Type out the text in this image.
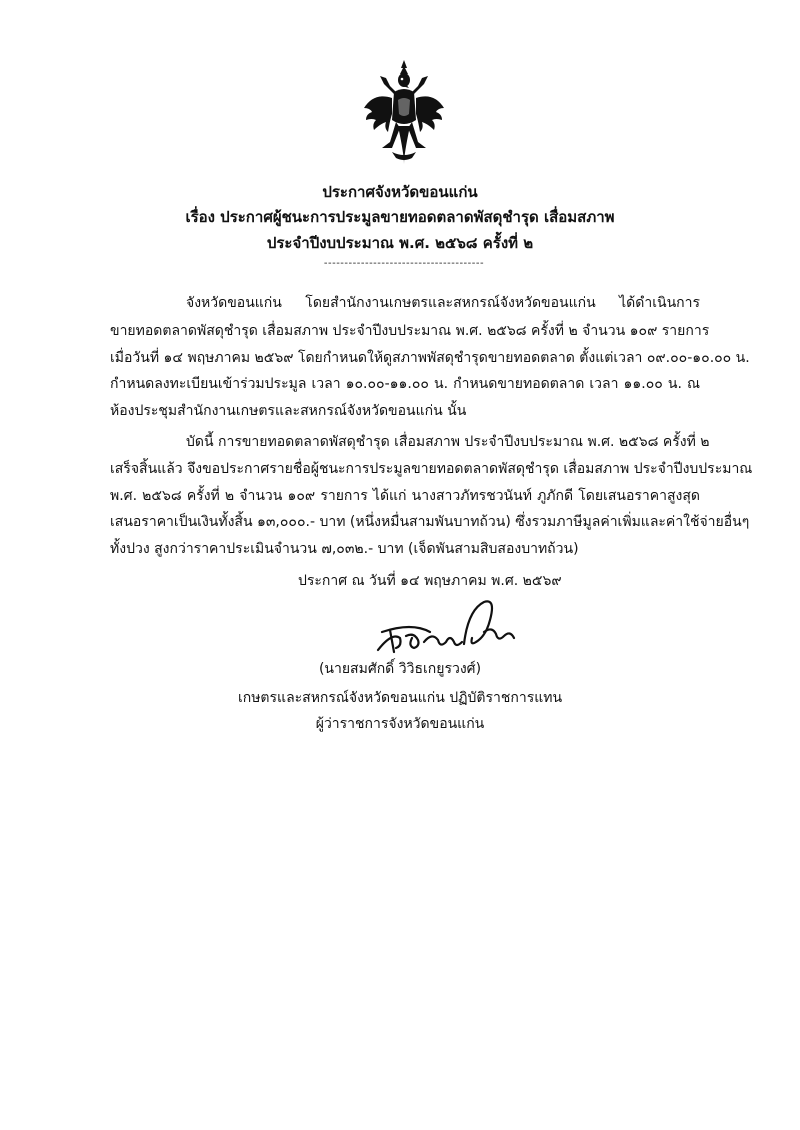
ประกาศจังหวัดขอนแก่น
เรื่อง ประกาศผู้ชนะการประมูลขายทอดตลาดพัสดุชำรุด เสื่อมสภาพ
ประจำปีงบประมาณ พ.ศ. ๒๕๖๘ ครั้งที่ ๒
---------------------------------------
จังหวัดขอนแก่น โดยสำนักงานเกษตรและสหกรณ์จังหวัดขอนแก่น ได้ดำเนินการ
ขายทอดตลาดพัสดุชำรุด เสื่อมสภาพ ประจำปีงบประมาณ พ.ศ. ๒๕๖๘ ครั้งที่ ๒ จำนวน ๑๐๙ รายการ
เมื่อวันที่ ๑๔ พฤษภาคม ๒๕๖๙ โดยกำหนดให้ดูสภาพพัสดุชำรุดขายทอดตลาด ตั้งแต่เวลา ๐๙.๐๐-๑๐.๐๐ น.
กำหนดลงทะเบียนเข้าร่วมประมูล เวลา ๑๐.๐๐-๑๑.๐๐ น. กำหนดขายทอดตลาด เวลา ๑๑.๐๐ น. ณ
ห้องประชุมสำนักงานเกษตรและสหกรณ์จังหวัดขอนแก่น นั้น
บัดนี้ การขายทอดตลาดพัสดุชำรุด เสื่อมสภาพ ประจำปีงบประมาณ พ.ศ. ๒๕๖๘ ครั้งที่ ๒
เสร็จสิ้นแล้ว จึงขอประกาศรายชื่อผู้ชนะการประมูลขายทอดตลาดพัสดุชำรุด เสื่อมสภาพ ประจำปีงบประมาณ
พ.ศ. ๒๕๖๘ ครั้งที่ ๒ จำนวน ๑๐๙ รายการ ได้แก่ นางสาวภัทรชวนันท์ ภูภักดี โดยเสนอราคาสูงสุด
เสนอราคาเป็นเงินทั้งสิ้น ๑๓,๐๐๐.- บาท (หนึ่งหมื่นสามพันบาทถ้วน) ซึ่งรวมภาษีมูลค่าเพิ่มและค่าใช้จ่ายอื่นๆ
ทั้งปวง สูงกว่าราคาประเมินจำนวน ๗,๐๓๒.- บาท (เจ็ดพันสามสิบสองบาทถ้วน)
ประกาศ ณ วันที่ ๑๔ พฤษภาคม พ.ศ. ๒๕๖๙
(นายสมศักดิ์ วิวิธเกยูรวงศ์)
เกษตรและสหกรณ์จังหวัดขอนแก่น ปฏิบัติราชการแทน
ผู้ว่าราชการจังหวัดขอนแก่น
